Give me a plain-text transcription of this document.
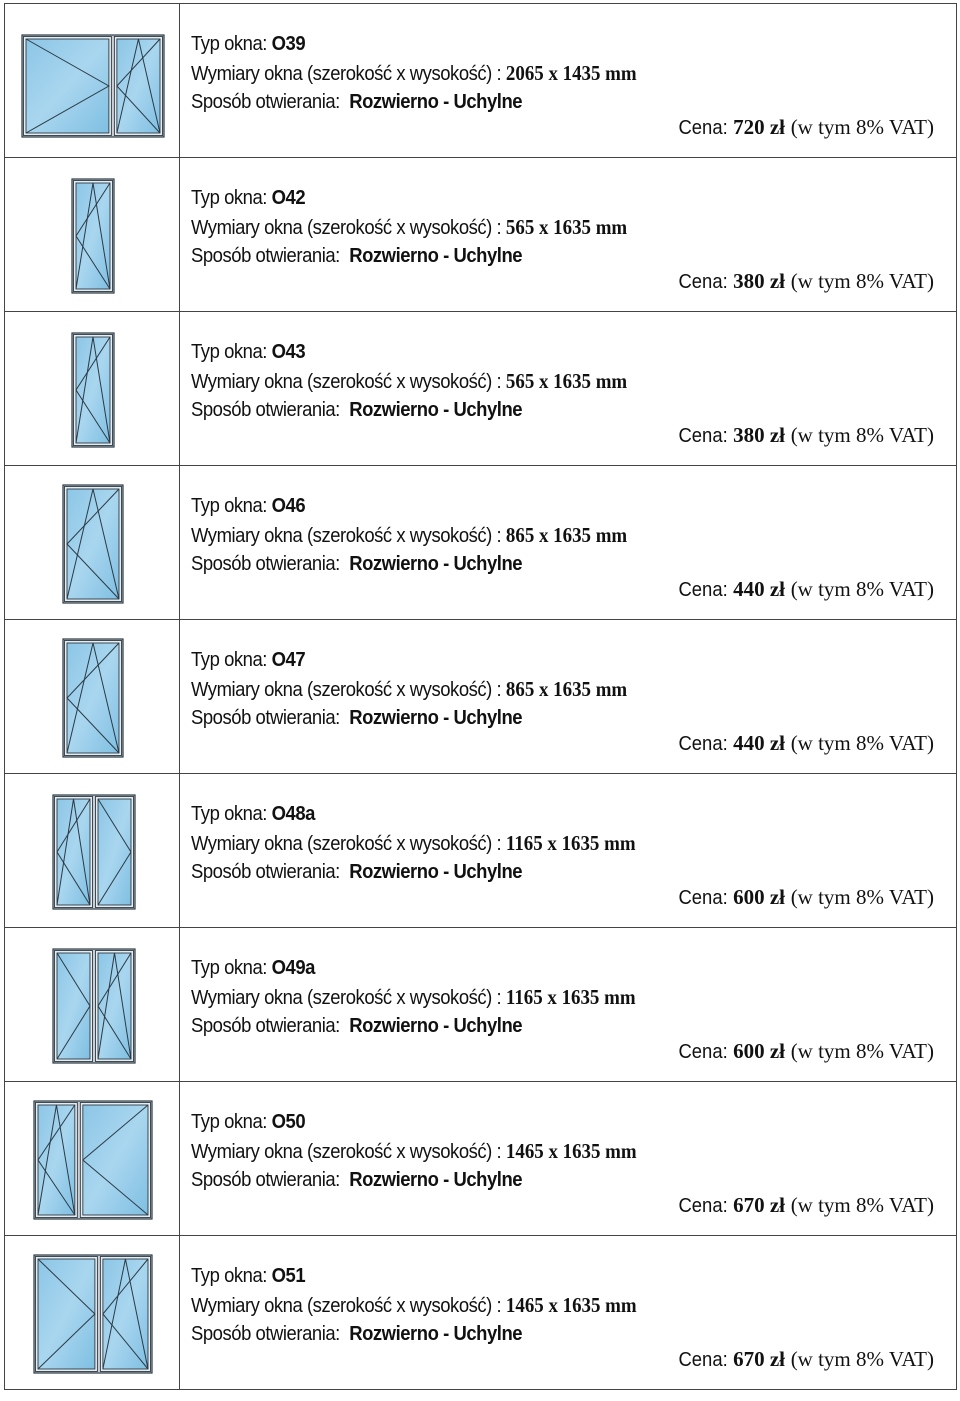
Typ okna: O39
Wymiary okna (szerokość x wysokość) : 2065 x 1435 mm
Sposób otwierania: Rozwierno - Uchylne
Cena: 720 zł (w tym 8% VAT)

Typ okna: O42
Wymiary okna (szerokość x wysokość) : 565 x 1635 mm
Sposób otwierania: Rozwierno - Uchylne
Cena: 380 zł (w tym 8% VAT)

Typ okna: O43
Wymiary okna (szerokość x wysokość) : 565 x 1635 mm
Sposób otwierania: Rozwierno - Uchylne
Cena: 380 zł (w tym 8% VAT)

Typ okna: O46
Wymiary okna (szerokość x wysokość) : 865 x 1635 mm
Sposób otwierania: Rozwierno - Uchylne
Cena: 440 zł (w tym 8% VAT)

Typ okna: O47
Wymiary okna (szerokość x wysokość) : 865 x 1635 mm
Sposób otwierania: Rozwierno - Uchylne
Cena: 440 zł (w tym 8% VAT)

Typ okna: O48a
Wymiary okna (szerokość x wysokość) : 1165 x 1635 mm
Sposób otwierania: Rozwierno - Uchylne
Cena: 600 zł (w tym 8% VAT)

Typ okna: O49a
Wymiary okna (szerokość x wysokość) : 1165 x 1635 mm
Sposób otwierania: Rozwierno - Uchylne
Cena: 600 zł (w tym 8% VAT)

Typ okna: O50
Wymiary okna (szerokość x wysokość) : 1465 x 1635 mm
Sposób otwierania: Rozwierno - Uchylne
Cena: 670 zł (w tym 8% VAT)

Typ okna: O51
Wymiary okna (szerokość x wysokość) : 1465 x 1635 mm
Sposób otwierania: Rozwierno - Uchylne
Cena: 670 zł (w tym 8% VAT)
